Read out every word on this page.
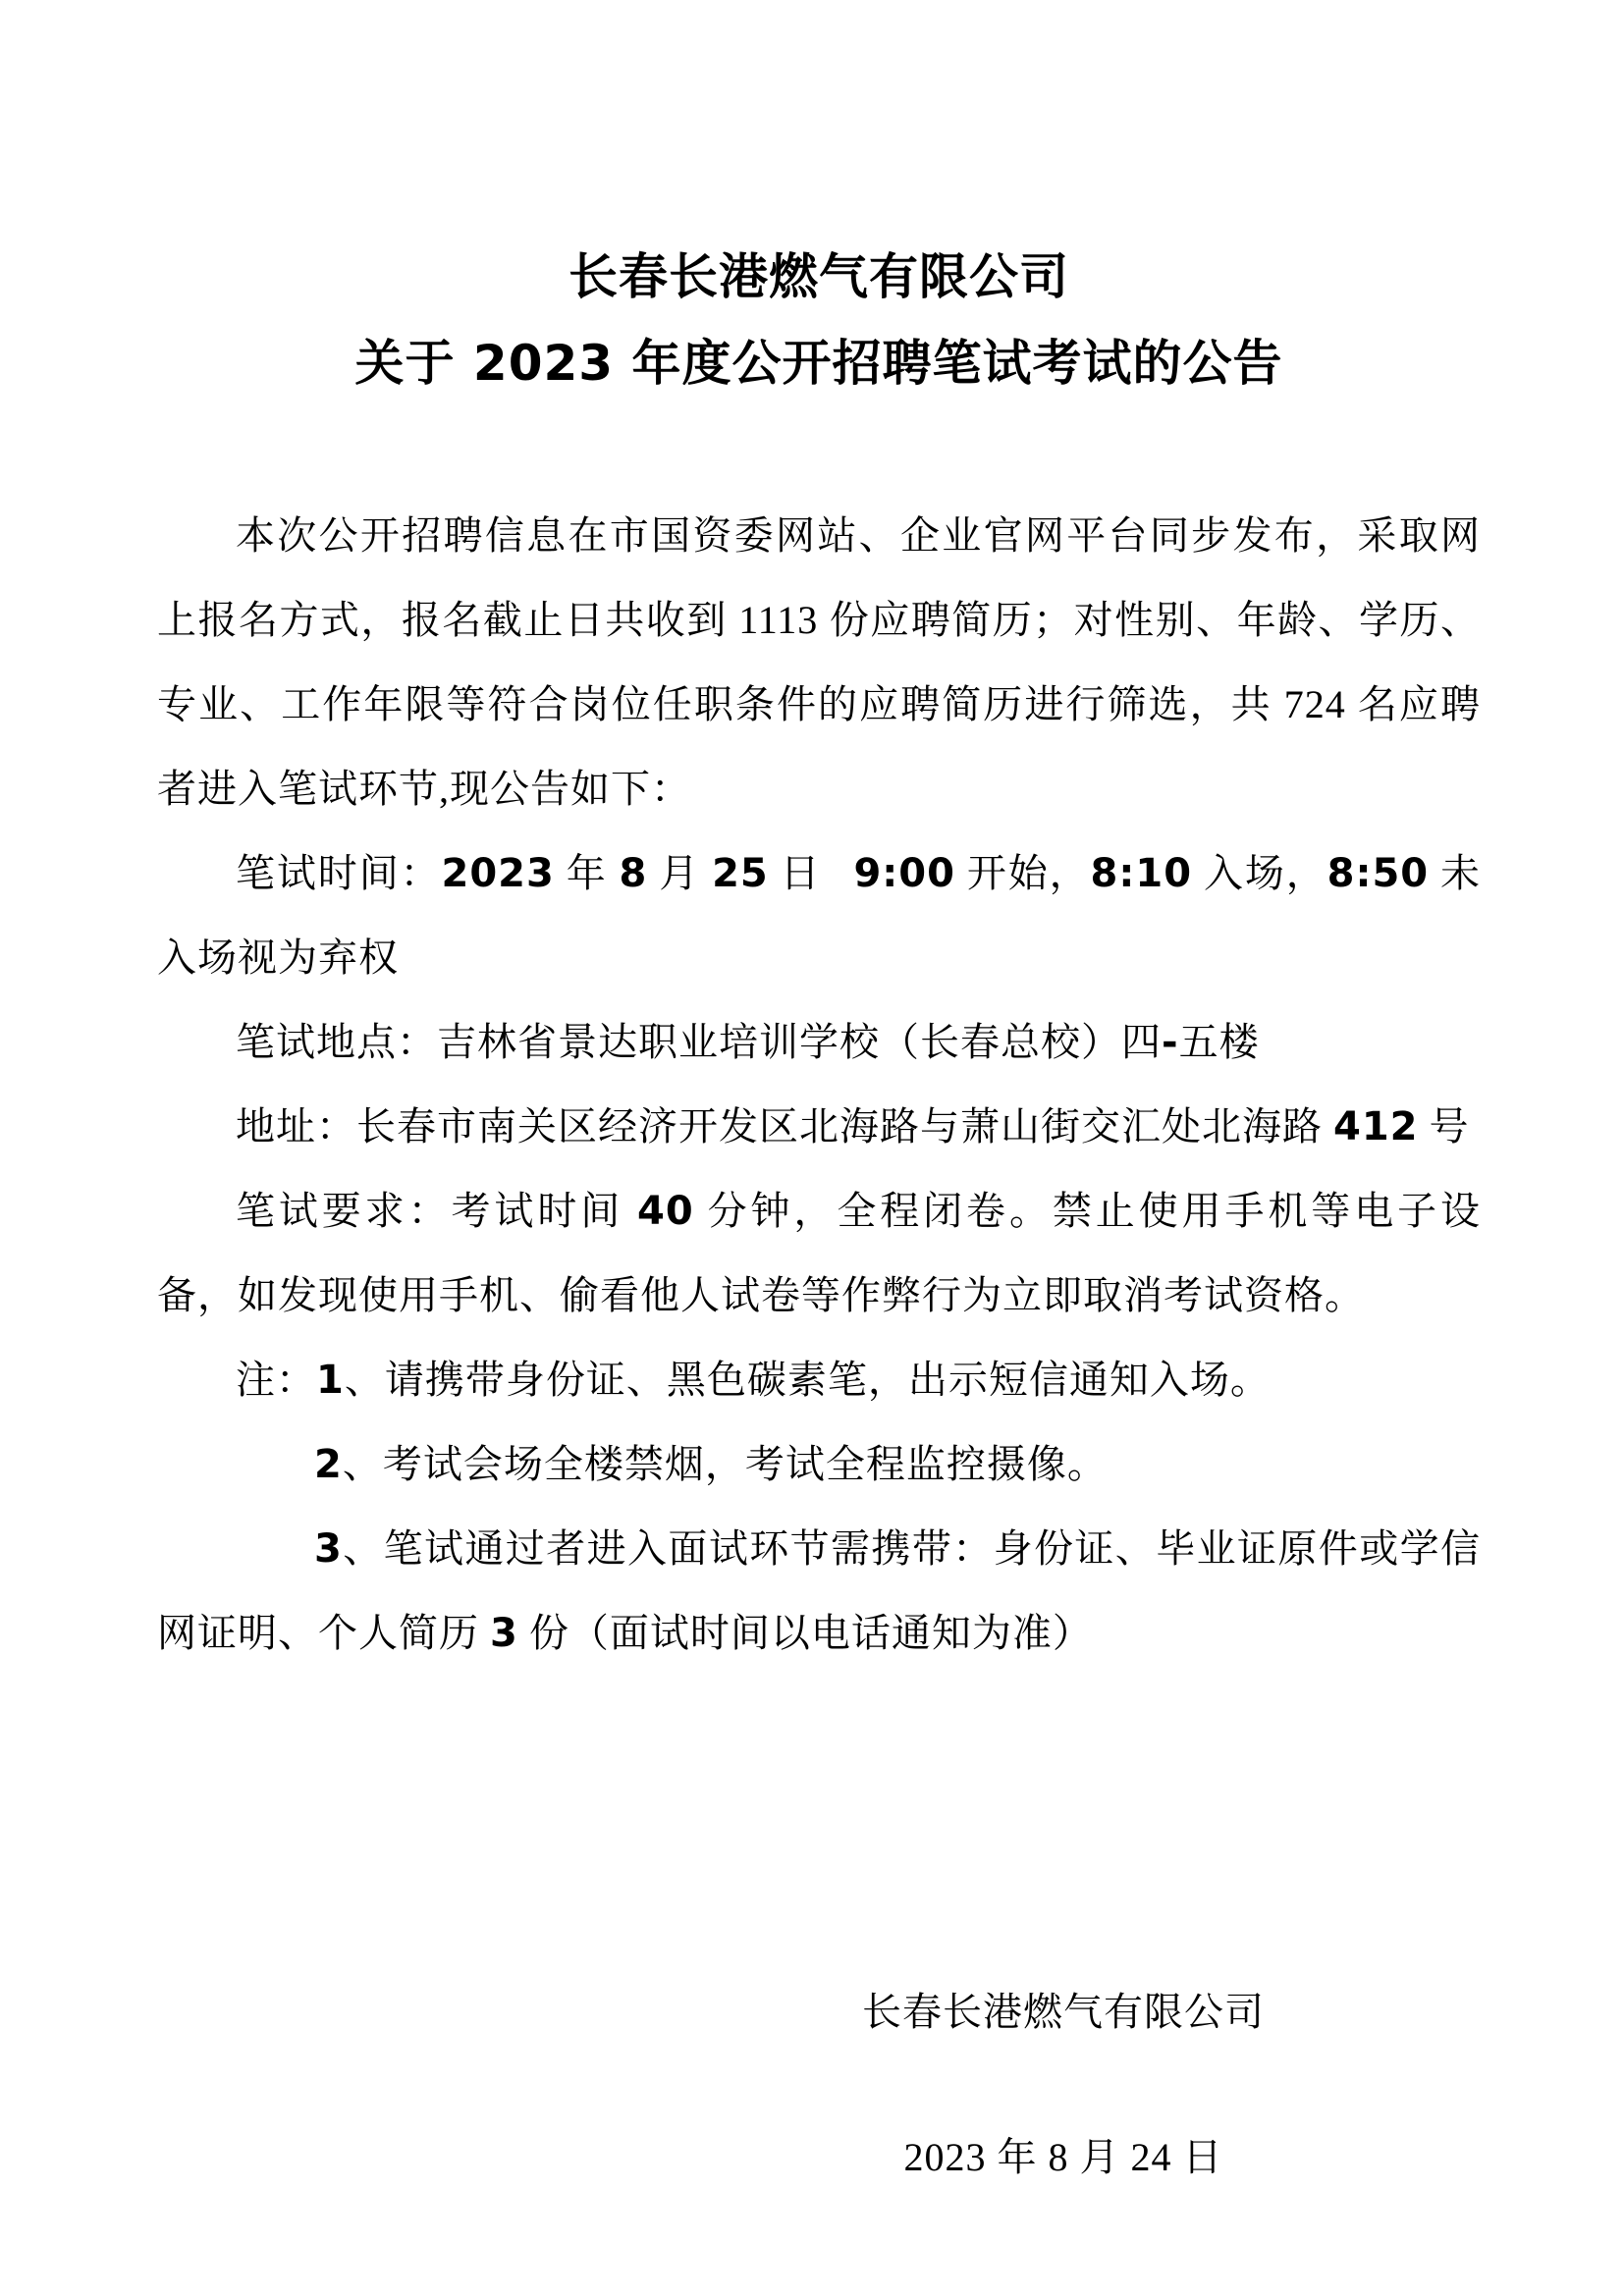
长春长港燃气有限公司
关于 2023 年度公开招聘笔试考试的公告

本次公开招聘信息在市国资委网站、企业官网平台同步发布，采取网上报名方式，报名截止日共收到 1113 份应聘简历；对性别、年龄、学历、专业、工作年限等符合岗位任职条件的应聘简历进行筛选，共 724 名应聘者进入笔试环节,现公告如下：

笔试时间：2023 年 8 月 25 日  9:00 开始，8:10 入场，8:50 未入场视为弃权

笔试地点：吉林省景达职业培训学校（长春总校）四-五楼

地址：长春市南关区经济开发区北海路与萧山街交汇处北海路 412 号

笔试要求：考试时间 40 分钟，全程闭卷。禁止使用手机等电子设备，如发现使用手机、偷看他人试卷等作弊行为立即取消考试资格。

注：1、请携带身份证、黑色碳素笔，出示短信通知入场。

2、考试会场全楼禁烟，考试全程监控摄像。

3、笔试通过者进入面试环节需携带：身份证、毕业证原件或学信网证明、个人简历 3 份（面试时间以电话通知为准）

长春长港燃气有限公司
2023 年 8 月 24 日
